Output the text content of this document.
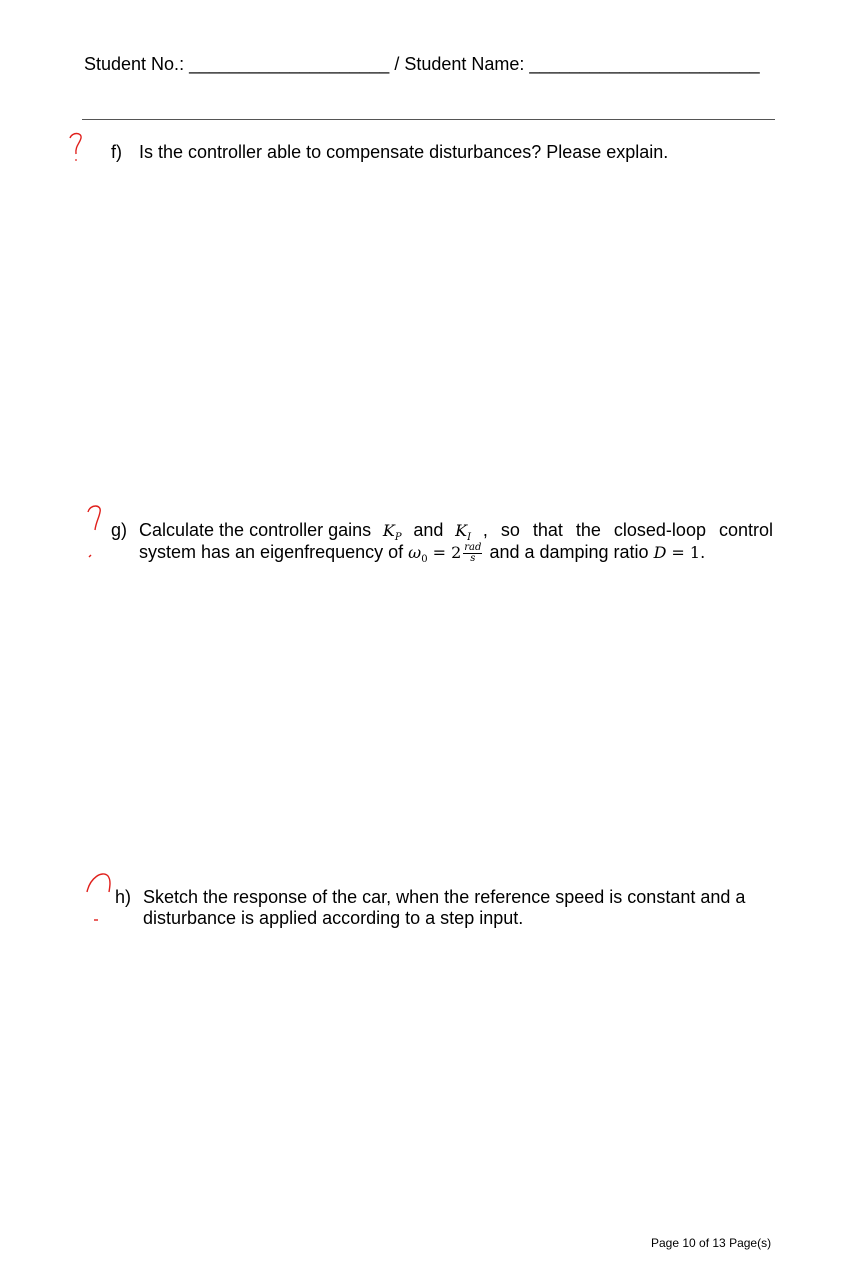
Student No.: ____________________ / Student Name: _______________________
f) Is the controller able to compensate disturbances? Please explain.
g) Calculate the controller gains $K_P$ and $K_I$ , so that the closed-loop control
system has an eigenfrequency of $\omega_0 = 2 \frac{\text{rad}}{s}$ and a damping ratio D = 1.
h) Sketch the response of the car, when the reference speed is constant and a
disturbance is applied according to a step input.
Page 10 of 13 Page(s)
